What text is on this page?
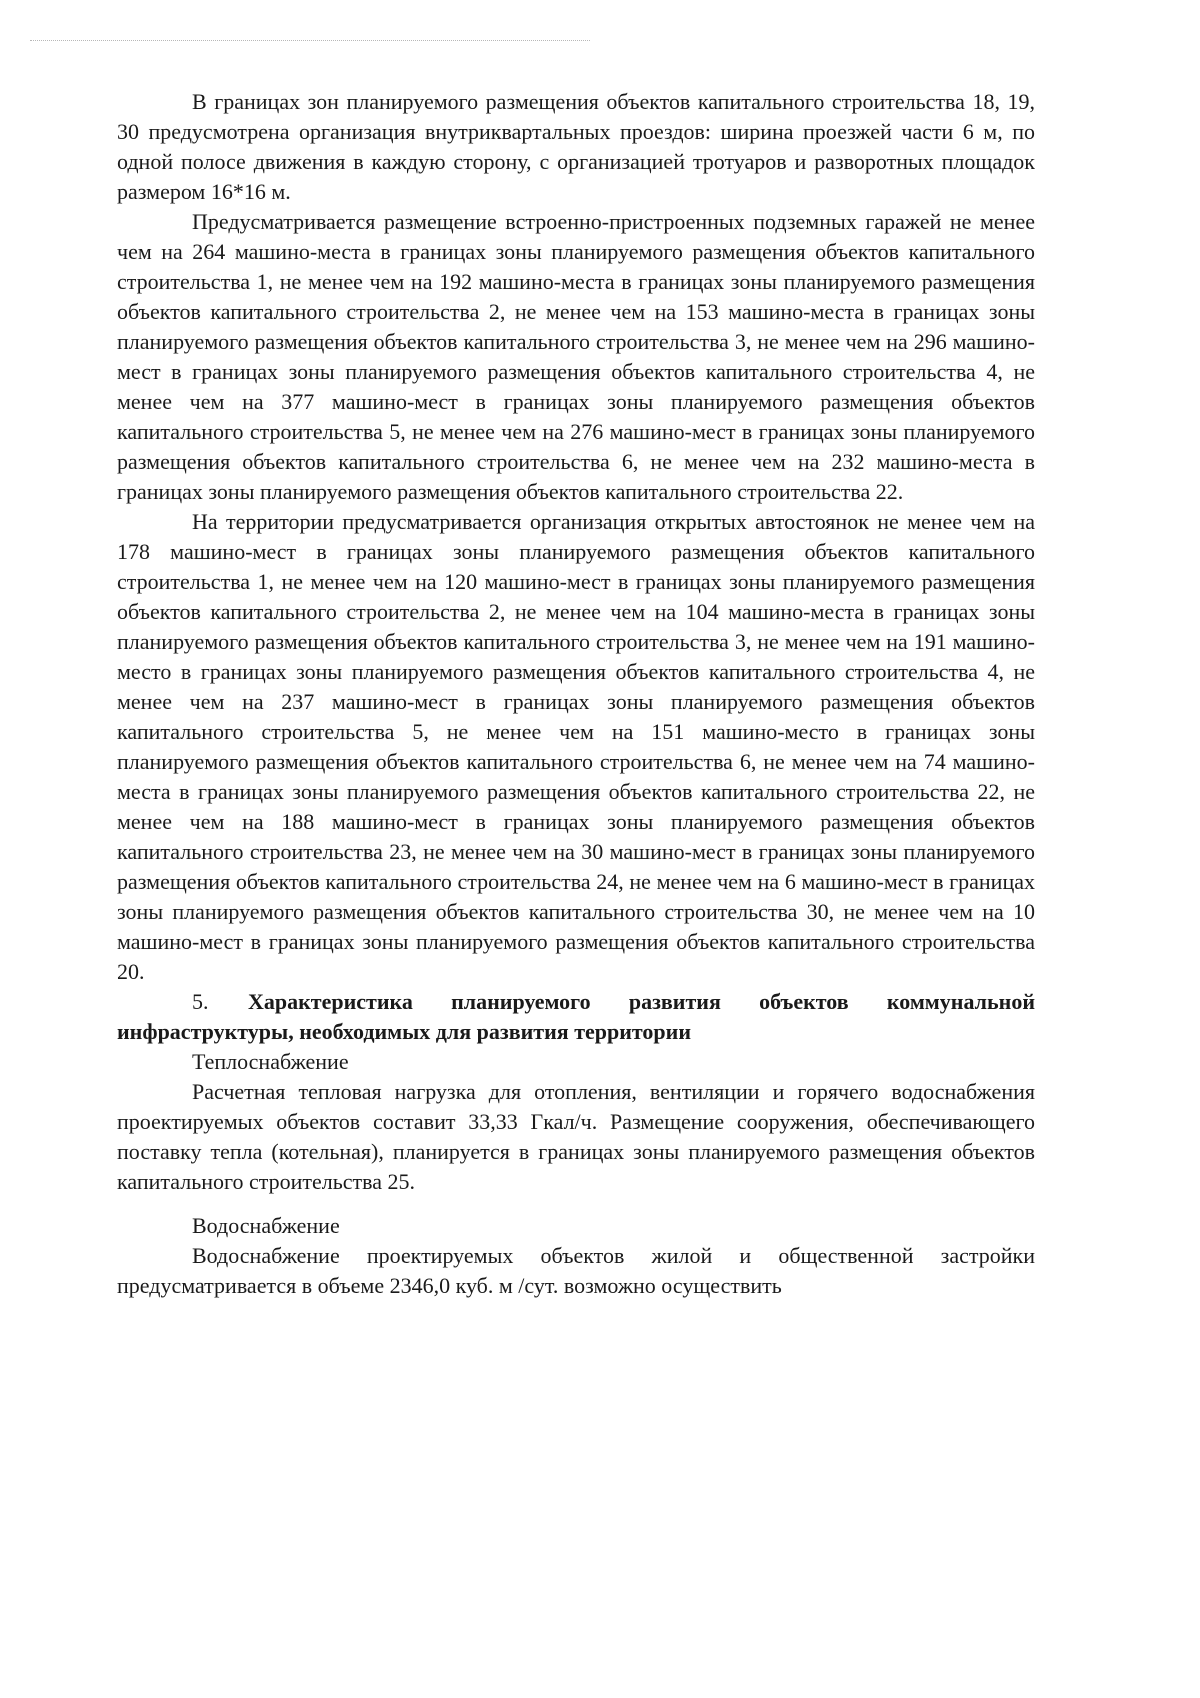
В границах зон планируемого размещения объектов капитального строительства 18, 19, 30 предусмотрена организация внутриквартальных проездов: ширина проезжей части 6 м, по одной полосе движения в каждую сторону, с организацией тротуаров и разворотных площадок размером 16*16 м.

Предусматривается размещение встроенно-пристроенных подземных гаражей не менее чем на 264 машино-места в границах зоны планируемого размещения объектов капитального строительства 1, не менее чем на 192 машино-места в границах зоны планируемого размещения объектов капитального строительства 2, не менее чем на 153 машино-места в границах зоны планируемого размещения объектов капитального строительства 3, не менее чем на 296 машино-мест в границах зоны планируемого размещения объектов капитального строительства 4, не менее чем на 377 машино-мест в границах зоны планируемого размещения объектов капитального строительства 5, не менее чем на 276 машино-мест в границах зоны планируемого размещения объектов капитального строительства 6, не менее чем на 232 машино-места в границах зоны планируемого размещения объектов капитального строительства 22.

На территории предусматривается организация открытых автостоянок не менее чем на 178 машино-мест в границах зоны планируемого размещения объектов капитального строительства 1, не менее чем на 120 машино-мест в границах зоны планируемого размещения объектов капитального строительства 2, не менее чем на 104 машино-места в границах зоны планируемого размещения объектов капитального строительства 3, не менее чем на 191 машино-место в границах зоны планируемого размещения объектов капитального строительства 4, не менее чем на 237 машино-мест в границах зоны планируемого размещения объектов капитального строительства 5, не менее чем на 151 машино-место в границах зоны планируемого размещения объектов капитального строительства 6, не менее чем на 74 машино-места в границах зоны планируемого размещения объектов капитального строительства 22, не менее чем на 188 машино-мест в границах зоны планируемого размещения объектов капитального строительства 23, не менее чем на 30 машино-мест в границах зоны планируемого размещения объектов капитального строительства 24, не менее чем на 6 машино-мест в границах зоны планируемого размещения объектов капитального строительства 30, не менее чем на 10 машино-мест в границах зоны планируемого размещения объектов капитального строительства 20.

5. Характеристика планируемого развития объектов коммунальной инфраструктуры, необходимых для развития территории

Теплоснабжение

Расчетная тепловая нагрузка для отопления, вентиляции и горячего водоснабжения проектируемых объектов составит 33,33 Гкал/ч. Размещение сооружения, обеспечивающего поставку тепла (котельная), планируется в границах зоны планируемого размещения объектов капитального строительства 25.

Водоснабжение

Водоснабжение проектируемых объектов жилой и общественной застройки предусматривается в объеме 2346,0 куб. м /сут. возможно осуществить
